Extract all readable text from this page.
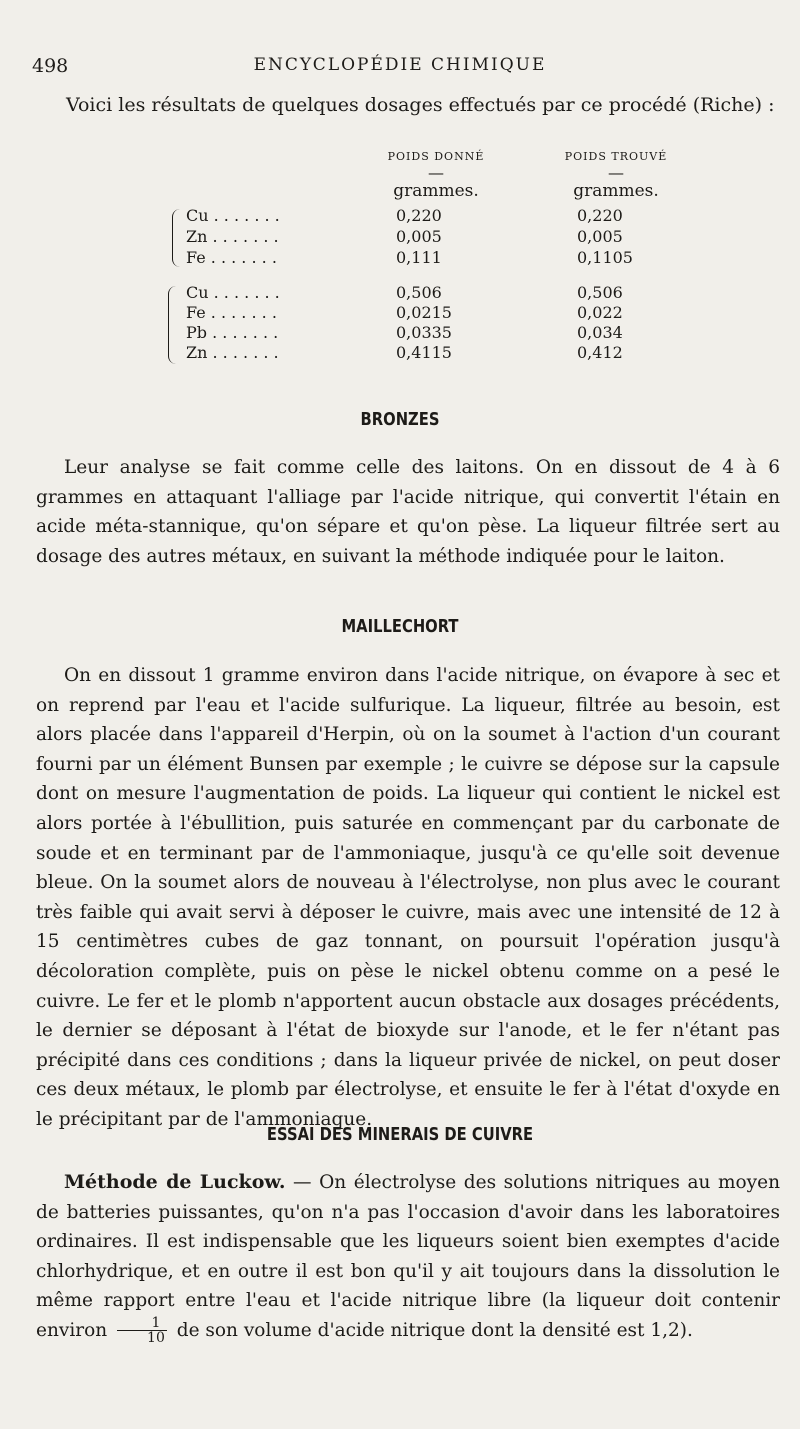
498	ENCYCLOPÉDIE CHIMIQUE
Voici les résultats de quelques dosages effectués par ce procédé (Riche) :
POIDS DONNÉ	POIDS TROUVÉ
—	—
grammes.	grammes.
Cu . . . . . . .	0,220	0,220
Zn . . . . . . .	0,005	0,005
Fe . . . . . . .	0,111	0,1105
Cu . . . . . . .	0,506	0,506
Fe . . . . . . .	0,0215	0,022
Pb . . . . . . .	0,0335	0,034
Zn . . . . . . .	0,4115	0,412
BRONZES
Leur analyse se fait comme celle des laitons. On en dissout de 4 à 6 grammes en attaquant l'alliage par l'acide nitrique, qui convertit l'étain en acide méta-stannique, qu'on sépare et qu'on pèse. La liqueur filtrée sert au dosage des autres métaux, en suivant la méthode indiquée pour le laiton.
MAILLECHORT
On en dissout 1 gramme environ dans l'acide nitrique, on évapore à sec et on reprend par l'eau et l'acide sulfurique. La liqueur, filtrée au besoin, est alors placée dans l'appareil d'Herpin, où on la soumet à l'action d'un courant fourni par un élément Bunsen par exemple ; le cuivre se dépose sur la capsule dont on mesure l'augmentation de poids. La liqueur qui contient le nickel est alors portée à l'ébullition, puis saturée en commençant par du carbonate de soude et en terminant par de l'ammoniaque, jusqu'à ce qu'elle soit devenue bleue. On la soumet alors de nouveau à l'électrolyse, non plus avec le courant très faible qui avait servi à déposer le cuivre, mais avec une intensité de 12 à 15 centimètres cubes de gaz tonnant, on poursuit l'opération jusqu'à décoloration complète, puis on pèse le nickel obtenu comme on a pesé le cuivre. Le fer et le plomb n'apportent aucun obstacle aux dosages précédents, le dernier se déposant à l'état de bioxyde sur l'anode, et le fer n'étant pas précipité dans ces conditions ; dans la liqueur privée de nickel, on peut doser ces deux métaux, le plomb par électrolyse, et ensuite le fer à l'état d'oxyde en le précipitant par de l'ammoniaque.
ESSAI DES MINERAIS DE CUIVRE
Méthode de Luckow. — On électrolyse des solutions nitriques au moyen de batteries puissantes, qu'on n'a pas l'occasion d'avoir dans les laboratoires ordinaires. Il est indispensable que les liqueurs soient bien exemptes d'acide chlorhydrique, et en outre il est bon qu'il y ait toujours dans la dissolution le même rapport entre l'eau et l'acide nitrique libre (la liqueur doit contenir environ $\frac{1}{10}$ de son volume d'acide nitrique dont la densité est 1,2).
